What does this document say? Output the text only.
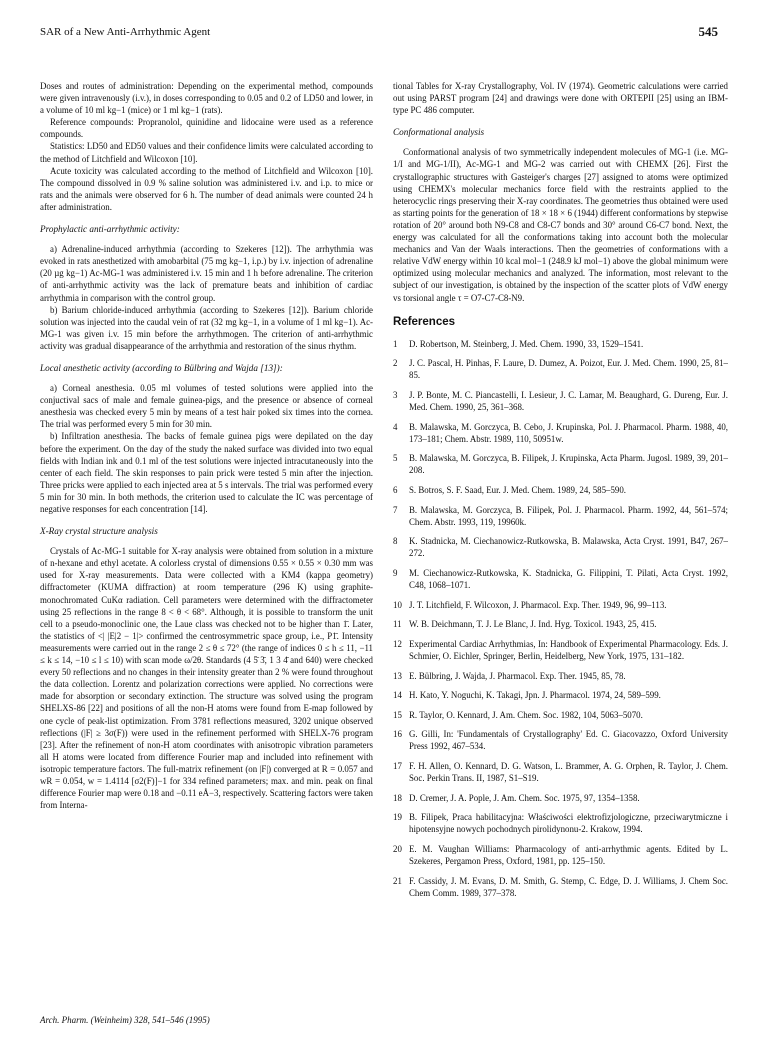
SAR of a New Anti-Arrhythmic Agent	545

Doses and routes of administration: Depending on the experimental method, compounds were given intravenously (i.v.), in doses corresponding to 0.05 and 0.2 of LD50 and lower, in a volume of 10 ml kg−1 (mice) or 1 ml kg−1 (rats).

Reference compounds: Propranolol, quinidine and lidocaine were used as a reference compounds.

Statistics: LD50 and ED50 values and their confidence limits were calculated according to the method of Litchfield and Wilcoxon [10].

Acute toxicity was calculated according to the method of Litchfield and Wilcoxon [10]. The compound dissolved in 0.9 % saline solution was administered i.v. and i.p. to mice or rats and the animals were observed for 6 h. The number of dead animals were counted 24 h after administration.

Prophylactic anti-arrhythmic activity:

a) Adrenaline-induced arrhythmia (according to Szekeres [12]). The arrhythmia was evoked in rats anesthetized with amobarbital (75 mg kg−1, i.p.) by i.v. injection of adrenaline (20 µg kg−1) Ac-MG-1 was administered i.v. 15 min and 1 h before adrenaline. The criterion of anti-arrhythmic activity was the lack of premature beats and inhibition of cardiac arrhythmia in comparison with the control group.

b) Barium chloride-induced arrhythmia (according to Szekeres [12]). Barium chloride solution was injected into the caudal vein of rat (32 mg kg−1, in a volume of 1 ml kg−1). Ac-MG-1 was given i.v. 15 min before the arrhythmogen. The criterion of anti-arrhythmic activity was gradual disappearance of the arrhythmia and restoration of the sinus rhythm.

Local anesthetic activity (according to Bülbring and Wajda [13]):

a) Corneal anesthesia. 0.05 ml volumes of tested solutions were applied into the conjuctival sacs of male and female guinea-pigs, and the presence or absence of corneal anesthesia was checked every 5 min by means of a test hair poked six times into the cornea. The trial was performed every 5 min for 30 min.

b) Infiltration anesthesia. The backs of female guinea pigs were depilated on the day before the experiment. On the day of the study the naked surface was divided into two equal fields with Indian ink and 0.1 ml of the test solutions were injected intracutaneously into the center of each field. The skin responses to pain prick were tested 5 min after the injection. Three pricks were applied to each injected area at 5 s intervals. The trial was performed every 5 min for 30 min. In both methods, the criterion used to calculate the IC was percentage of negative responses for each concentration [14].

X-Ray crystal structure analysis

Crystals of Ac-MG-1 suitable for X-ray analysis were obtained from solution in a mixture of n-hexane and ethyl acetate. A colorless crystal of dimensions 0.55 × 0.55 × 0.30 mm was used for X-ray measurements. Data were collected with a KM4 (kappa geometry) diffractometer (KUMA diffraction) at room temperature (296 K) using graphite-monochromated CuKα radiation. Cell parameters were determined with the diffractometer using 25 reflections in the range 8 < θ < 68°. Although, it is possible to transform the unit cell to a pseudo-monoclinic one, the Laue class was checked not to be higher than 1̄. Later, the statistics of <| |E|2 − 1|> confirmed the centrosymmetric space group, i.e., P1̄. Intensity measurements were carried out in the range 2 ≤ θ ≤ 72° (the range of indices 0 ≤ h ≤ 11, −11 ≤ k ≤ 14, −10 ≤ l ≤ 10) with scan mode ω/2θ. Standards (4 5̄ 3̄, 1 3 4̄ and 640) were checked every 50 reflections and no changes in their intensity greater than 2 % were found throughout the data collection. Lorentz and polarization corrections were applied. No corrections were made for absorption or secondary extinction. The structure was solved using the program SHELXS-86 [22] and positions of all the non-H atoms were found from E-map followed by one cycle of peak-list optimization. From 3781 reflections measured, 3202 unique observed reflections (|F| ≥ 3σ(F)) were used in the refinement performed with SHELX-76 program [23]. After the refinement of non-H atom coordinates with anisotropic vibration parameters all H atoms were located from difference Fourier map and included into refinement with isotropic temperature factors. The full-matrix refinement (on |F|) converged at R = 0.057 and wR = 0.054, w = 1.4114 [σ2(F)]−1 for 334 refined parameters; max. and min. peak on final difference Fourier map were 0.18 and −0.11 eÅ−3, respectively. Scattering factors were taken from Interna-

tional Tables for X-ray Crystallography, Vol. IV (1974). Geometric calculations were carried out using PARST program [24] and drawings were done with ORTEPII [25] using an IBM-type PC 486 computer.

Conformational analysis

Conformational analysis of two symmetrically independent molecules of MG-1 (i.e. MG-1/I and MG-1/II), Ac-MG-1 and MG-2 was carried out with CHEMX [26]. First the crystallographic structures with Gasteiger's charges [27] assigned to atoms were optimized using CHEMX's molecular mechanics force field with the restraints applied to the heterocyclic rings preserving their X-ray coordinates. The geometries thus obtained were used as starting points for the generation of 18 × 18 × 6 (1944) different conformations by stepwise rotation of 20° around both N9-C8 and C8-C7 bonds and 30° around C6-C7 bond. Next, the energy was calculated for all the conformations taking into account both the molecular mechanics and Van der Waals interactions. Then the geometries of conformations with a relative VdW energy within 10 kcal mol−1 (248.9 kJ mol−1) above the global minimum were optimized using molecular mechanics and analyzed. The information, most relevant to the subject of our investigation, is obtained by the inspection of the scatter plots of VdW energy vs torsional angle τ = O7-C7-C8-N9.

References
1	D. Robertson, M. Steinberg, J. Med. Chem. 1990, 33, 1529–1541.
2	J. C. Pascal, H. Pinhas, F. Laure, D. Dumez, A. Poizot, Eur. J. Med. Chem. 1990, 25, 81–85.
3	J. P. Bonte, M. C. Piancastelli, I. Lesieur, J. C. Lamar, M. Beaughard, G. Dureng, Eur. J. Med. Chem. 1990, 25, 361–368.
4	B. Malawska, M. Gorczyca, B. Cebo, J. Krupinska, Pol. J. Pharmacol. Pharm. 1988, 40, 173–181; Chem. Abstr. 1989, 110, 50951w.
5	B. Malawska, M. Gorczyca, B. Filipek, J. Krupinska, Acta Pharm. Jugosl. 1989, 39, 201–208.
6	S. Botros, S. F. Saad, Eur. J. Med. Chem. 1989, 24, 585–590.
7	B. Malawska, M. Gorczyca, B. Filipek, Pol. J. Pharmacol. Pharm. 1992, 44, 561–574; Chem. Abstr. 1993, 119, 19960k.
8	K. Stadnicka, M. Ciechanowicz-Rutkowska, B. Malawska, Acta Cryst. 1991, B47, 267–272.
9	M. Ciechanowicz-Rutkowska, K. Stadnicka, G. Filippini, T. Pilati, Acta Cryst. 1992, C48, 1068–1071.
10 J. T. Litchfield, F. Wilcoxon, J. Pharmacol. Exp. Ther. 1949, 96, 99–113.
11 W. B. Deichmann, T. J. Le Blanc, J. Ind. Hyg. Toxicol. 1943, 25, 415.
12 Experimental Cardiac Arrhythmias, In: Handbook of Experimental Pharmacology. Eds. J. Schmier, O. Eichler, Springer, Berlin, Heidelberg, New York, 1975, 131–182.
13 E. Bülbring, J. Wajda, J. Pharmacol. Exp. Ther. 1945, 85, 78.
14 H. Kato, Y. Noguchi, K. Takagi, Jpn. J. Pharmacol. 1974, 24, 589–599.
15 R. Taylor, O. Kennard, J. Am. Chem. Soc. 1982, 104, 5063–5070.
16 G. Gilli, In: 'Fundamentals of Crystallography' Ed. C. Giacovazzo, Oxford University Press 1992, 467–534.
17 F. H. Allen, O. Kennard, D. G. Watson, L. Brammer, A. G. Orphen, R. Taylor, J. Chem. Soc. Perkin Trans. II, 1987, S1–S19.
18 D. Cremer, J. A. Pople, J. Am. Chem. Soc. 1975, 97, 1354–1358.
19 B. Filipek, Praca habilitacyjna: Właściwości elektrofizjologiczne, przeciwarytmiczne i hipotensyjne nowych pochodnych pirolidynonu-2. Krakow, 1994.
20 E. M. Vaughan Williams: Pharmacology of anti-arrhythmic agents. Edited by L. Szekeres, Pergamon Press, Oxford, 1981, pp. 125–150.
21 F. Cassidy, J. M. Evans, D. M. Smith, G. Stemp, C. Edge, D. J. Williams, J. Chem Soc. Chem Comm. 1989, 377–378.
Arch. Pharm. (Weinheim) 328, 541–546 (1995)
